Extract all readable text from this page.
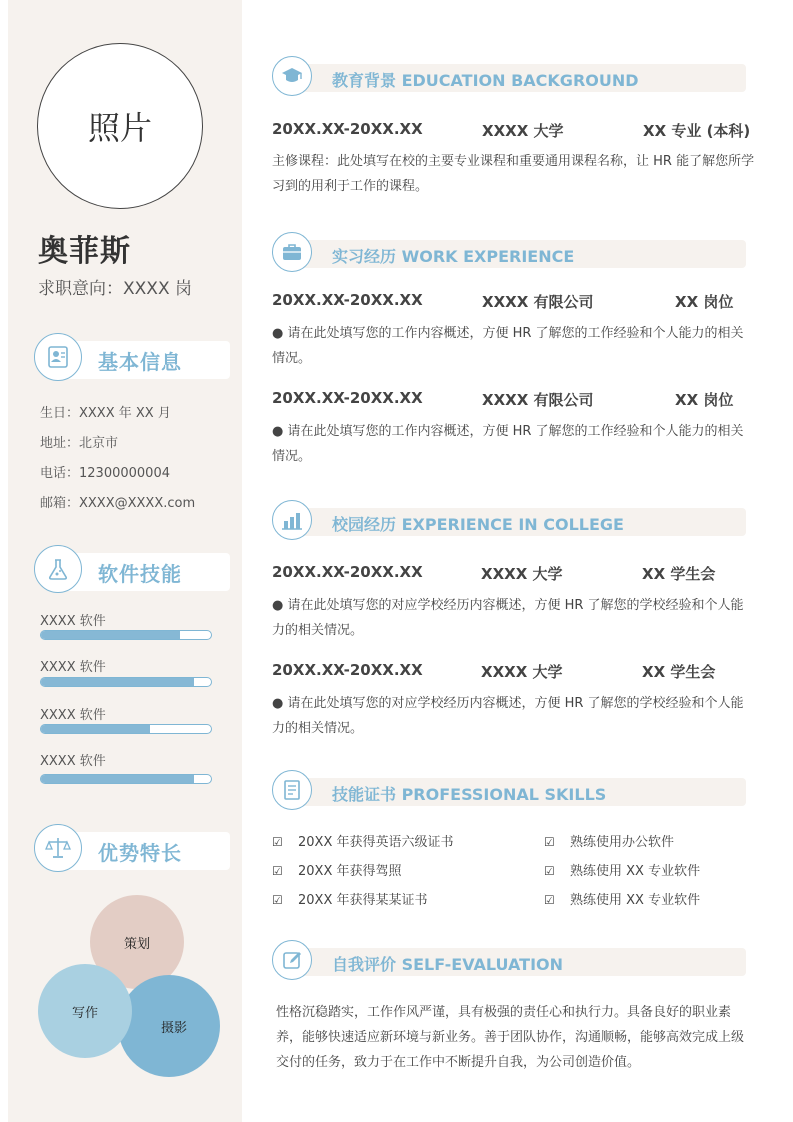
照片
奥菲斯
求职意向：XXXX 岗
基本信息
生日：XXXX 年 XX 月
地址：北京市
电话：12300000004
邮箱：XXXX@XXXX.com
软件技能
XXXX 软件
XXXX 软件
XXXX 软件
XXXX 软件
优势特长
策划
摄影
写作
教育背景 EDUCATION BACKGROUND
20XX.XX-20XX.XX	XXXX 大学	XX 专业 (本科)
主修课程：此处填写在校的主要专业课程和重要通用课程名称，让 HR 能了解您所学习到的用利于工作的课程。
实习经历 WORK EXPERIENCE
20XX.XX-20XX.XX	XXXX 有限公司	XX 岗位
● 请在此处填写您的工作内容概述，方便 HR 了解您的工作经验和个人能力的相关情况。
20XX.XX-20XX.XX	XXXX 有限公司	XX 岗位
● 请在此处填写您的工作内容概述，方便 HR 了解您的工作经验和个人能力的相关情况。
校园经历 EXPERIENCE IN COLLEGE
20XX.XX-20XX.XX	XXXX 大学	XX 学生会
● 请在此处填写您的对应学校经历内容概述，方便 HR 了解您的学校经验和个人能力的相关情况。
20XX.XX-20XX.XX	XXXX 大学	XX 学生会
● 请在此处填写您的对应学校经历内容概述，方便 HR 了解您的学校经验和个人能力的相关情况。
技能证书 PROFESSIONAL SKILLS
☑ 20XX 年获得英语六级证书
☑ 20XX 年获得驾照
☑ 20XX 年获得某某证书
☑ 熟练使用办公软件
☑ 熟练使用 XX 专业软件
☑ 熟练使用 XX 专业软件
自我评价 SELF-EVALUATION
性格沉稳踏实，工作作风严谨，具有极强的责任心和执行力。具备良好的职业素养，能够快速适应新环境与新业务。善于团队协作，沟通顺畅，能够高效完成上级交付的任务，致力于在工作中不断提升自我，为公司创造价值。
